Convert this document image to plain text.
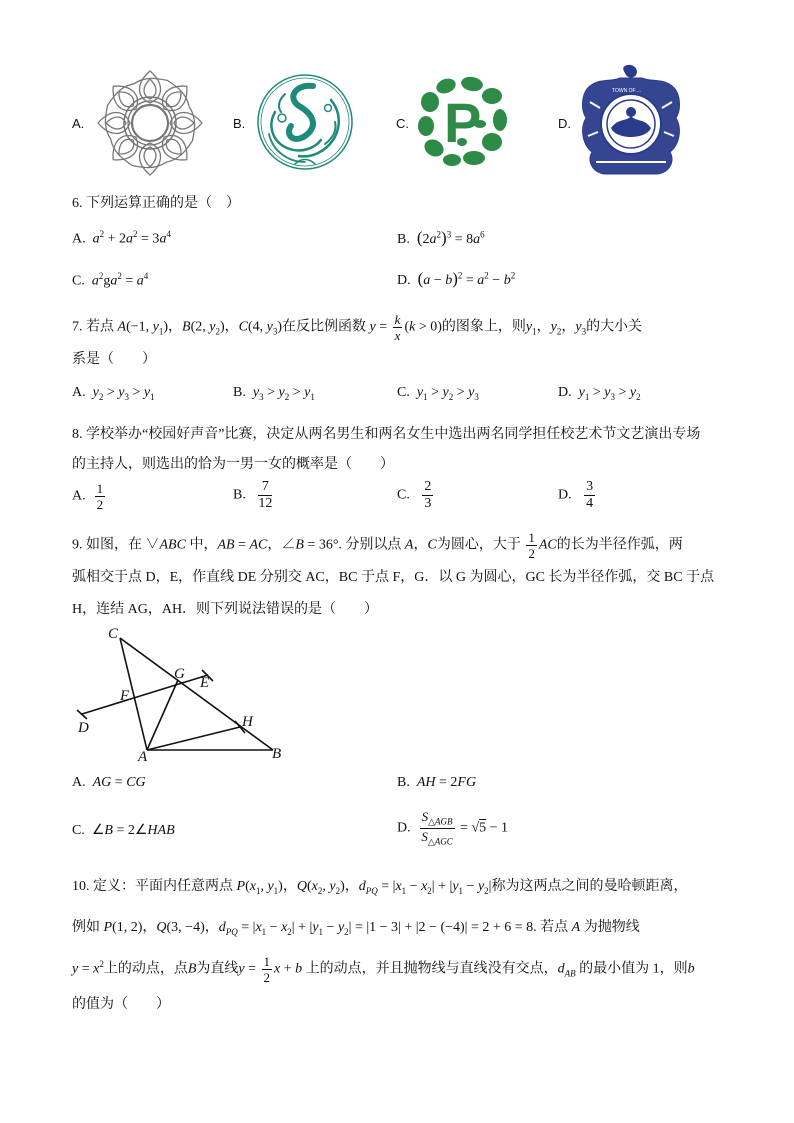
A.	B.	C. P	D.
TOWN OF ...
6. 下列运算正确的是（　）
A. $a^2 + 2a^2 = 3a^4$	B. $(2a^2)^3 = 8a^6$
C. $a^2ga^2 = a^4$	D. $(a - b)^2 = a^2 - b^2$
7. 若点 A(−1, $y_1$)，B(2, $y_2$)，C(4, $y_3$)在反比例函数 $y = \frac{k}{x} (k > 0)$的图象上，则$y_1$，$y_2$，$y_3$的大小关
系是（　　）
A. $y_2 > y_3 > y_1$	B. $y_3 > y_2 > y_1$	C. $y_1 > y_2 > y_3$	D. $y_1 > y_3 > y_2$
8. 学校举办“校园好声音”比赛，决定从两名男生和两名女生中选出两名同学担任校艺术节文艺演出专场
的主持人，则选出的恰为一男一女的概率是（　　）
A. $\frac{1}{2}$	B. $\frac{7}{12}$	C. $\frac{2}{3}$	D. $\frac{3}{4}$
9. 如图，在 ∨ABC 中，AB = AC，∠B = 36°. 分别以点 A，C为圆心，大于 $\frac{1}{2}$ AC的长为半径作弧，两
弧相交于点 D，E，作直线 DE 分别交 AC，BC 于点 F，G．以 G 为圆心，GC 长为半径作弧，交 BC 于点
H，连结 AG，AH．则下列说法错误的是（　　）
C
G
E
F
H
D
A	B
A. AG = CG	B. AH = 2FG
C.  ∠B = 2∠HAB	D. $\frac{S_{\triangle AGB}}{S_{\triangle AGC}} = √5 - 1$
10. 定义：平面内任意两点 $P(x_1$, $y_1$)，$Q(x_2$, $y_2$)，$d_{PQ} = |x_1 - x_2| + |y_1 - y_2|$称为这两点之间的曼哈顿距离，
例如 P(1, 2)，Q(3, −4)，$d_{PQ} = |x_1 - x_2| + |y_1 - y_2| = |1 - 3| + |2 - (-4)| = 2 + 6 = 8$. 若点 A 为抛物线
$y = x^2$上的动点，点B为直线$y = \frac{1}{2}$ x + b 上的动点，并且抛物线与直线没有交点，$d_{AB}$ 的最小值为 1，则b
的值为（　　）
